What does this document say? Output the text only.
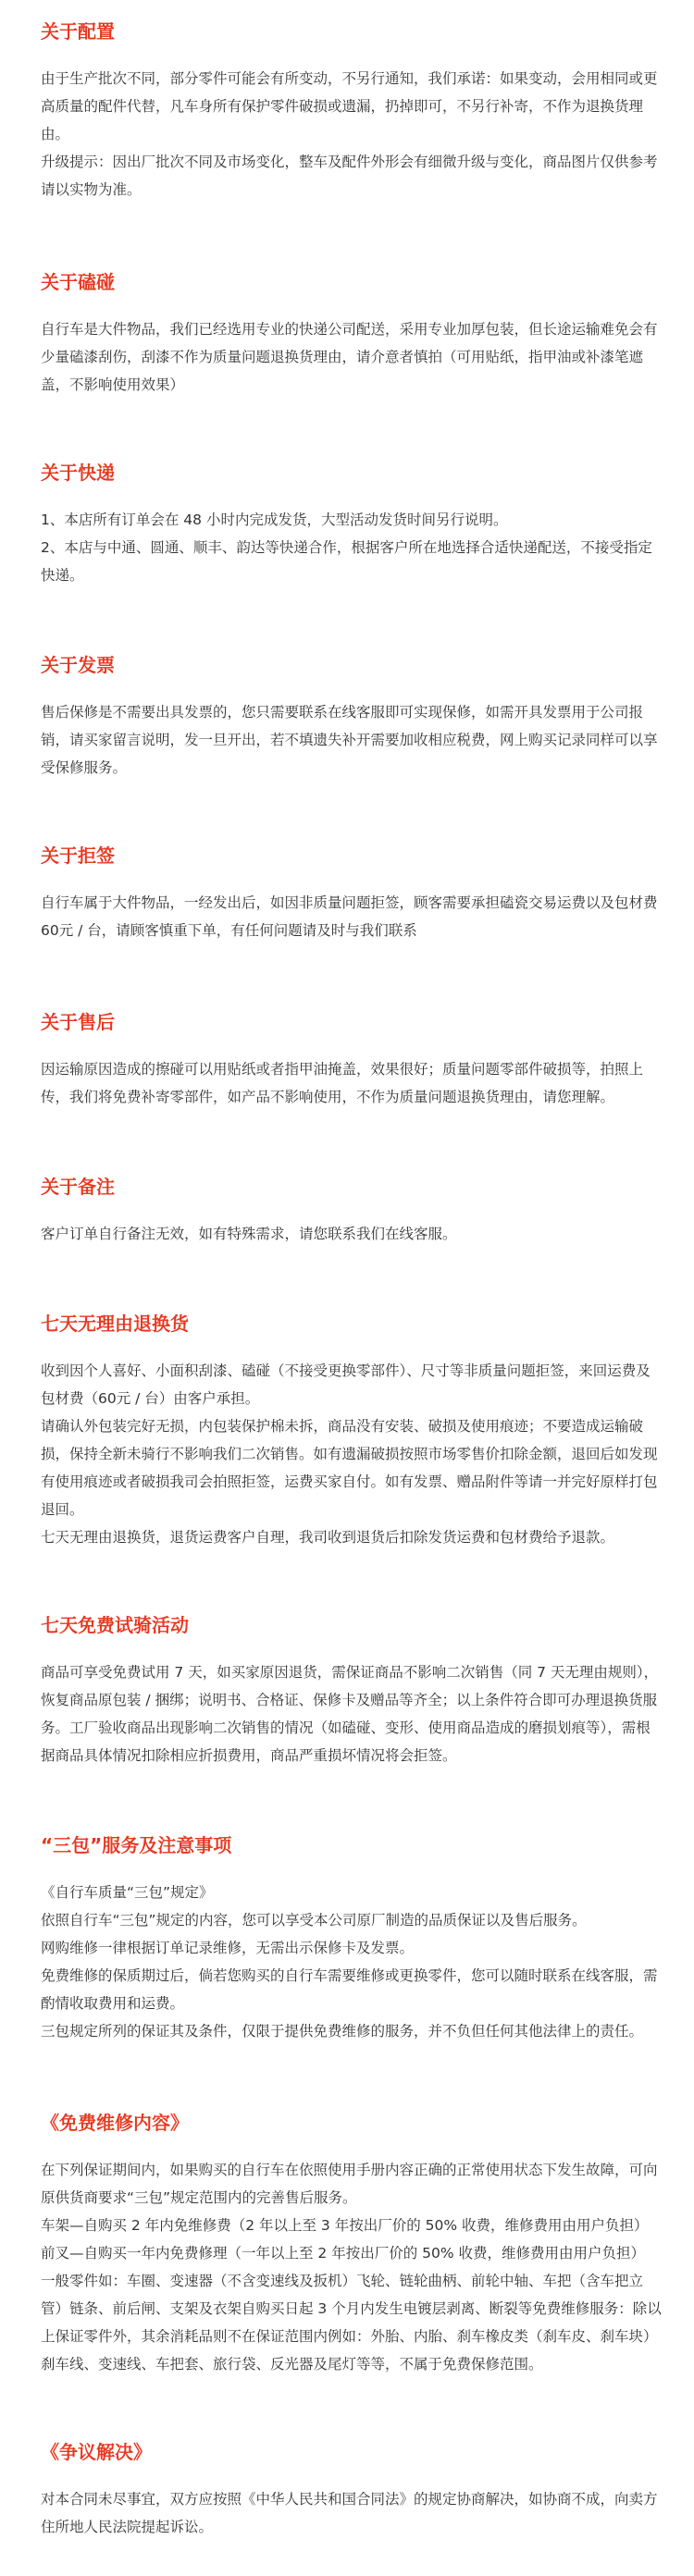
关于配置

由于生产批次不同，部分零件可能会有所变动，不另行通知，我们承诺：如果变动，会用相同或更高质量的配件代替，凡车身所有保护零件破损或遗漏，扔掉即可，不另行补寄，不作为退换货理由。

升级提示：因出厂批次不同及市场变化，整车及配件外形会有细微升级与变化，商品图片仅供参考请以实物为准。

关于磕碰

自行车是大件物品，我们已经选用专业的快递公司配送，采用专业加厚包装，但长途运输难免会有少量磕漆刮伤，刮漆不作为质量问题退换货理由，请介意者慎拍（可用贴纸，指甲油或补漆笔遮盖，不影响使用效果）

关于快递

1、本店所有订单会在 48 小时内完成发货，大型活动发货时间另行说明。

2、本店与中通、圆通、顺丰、韵达等快递合作，根据客户所在地选择合适快递配送，不接受指定快递。

关于发票

售后保修是不需要出具发票的，您只需要联系在线客服即可实现保修，如需开具发票用于公司报销，请买家留言说明，发一旦开出，若不填遗失补开需要加收相应税费，网上购买记录同样可以享受保修服务。

关于拒签

自行车属于大件物品，一经发出后，如因非质量问题拒签，顾客需要承担磕瓷交易运费以及包材费 60元 / 台，请顾客慎重下单，有任何问题请及时与我们联系

关于售后

因运输原因造成的擦碰可以用贴纸或者指甲油掩盖，效果很好；质量问题零部件破损等，拍照上传，我们将免费补寄零部件，如产品不影响使用，不作为质量问题退换货理由，请您理解。

关于备注

客户订单自行备注无效，如有特殊需求，请您联系我们在线客服。

七天无理由退换货

收到因个人喜好、小面积刮漆、磕碰（不接受更换零部件）、尺寸等非质量问题拒签，来回运费及包材费（60元 / 台）由客户承担。

请确认外包装完好无损，内包装保护棉未拆，商品没有安装、破损及使用痕迹；不要造成运输破损，保持全新未骑行不影响我们二次销售。如有遗漏破损按照市场零售价扣除金额，退回后如发现有使用痕迹或者破损我司会拍照拒签，运费买家自付。如有发票、赠品附件等请一并完好原样打包退回。

七天无理由退换货，退货运费客户自理，我司收到退货后扣除发货运费和包材费给予退款。

七天免费试骑活动

商品可享受免费试用 7 天，如买家原因退货，需保证商品不影响二次销售（同 7 天无理由规则），恢复商品原包装 / 捆绑；说明书、合格证、保修卡及赠品等齐全；以上条件符合即可办理退换货服务。工厂验收商品出现影响二次销售的情况（如磕碰、变形、使用商品造成的磨损划痕等），需根据商品具体情况扣除相应折损费用，商品严重损坏情况将会拒签。

“三包”服务及注意事项

《自行车质量“三包”规定》

依照自行车“三包”规定的内容，您可以享受本公司原厂制造的品质保证以及售后服务。

网购维修一律根据订单记录维修，无需出示保修卡及发票。

免费维修的保质期过后，倘若您购买的自行车需要维修或更换零件，您可以随时联系在线客服，需酌情收取费用和运费。

三包规定所列的保证其及条件，仅限于提供免费维修的服务，并不负但任何其他法律上的责任。

《免费维修内容》

在下列保证期间内，如果购买的自行车在依照使用手册内容正确的正常使用状态下发生故障，可向原供货商要求“三包”规定范围内的完善售后服务。

车架—自购买 2 年内免维修费（2 年以上至 3 年按出厂价的 50% 收费，维修费用由用户负担）

前叉—自购买一年内免费修理（一年以上至 2 年按出厂价的 50% 收费，维修费用由用户负担）

一般零件如：车圈、变速器（不含变速线及扳机）飞轮、链轮曲柄、前轮中轴、车把（含车把立管）链条、前后闸、支架及衣架自购买日起 3 个月内发生电镀层剥离、断裂等免费维修服务：除以上保证零件外，其余消耗品则不在保证范围内例如：外胎、内胎、刹车橡皮类（刹车皮、刹车块）刹车线、变速线、车把套、旅行袋、反光器及尾灯等等，不属于免费保修范围。

《争议解决》

对本合同未尽事宜，双方应按照《中华人民共和国合同法》的规定协商解决，如协商不成，向卖方住所地人民法院提起诉讼。
